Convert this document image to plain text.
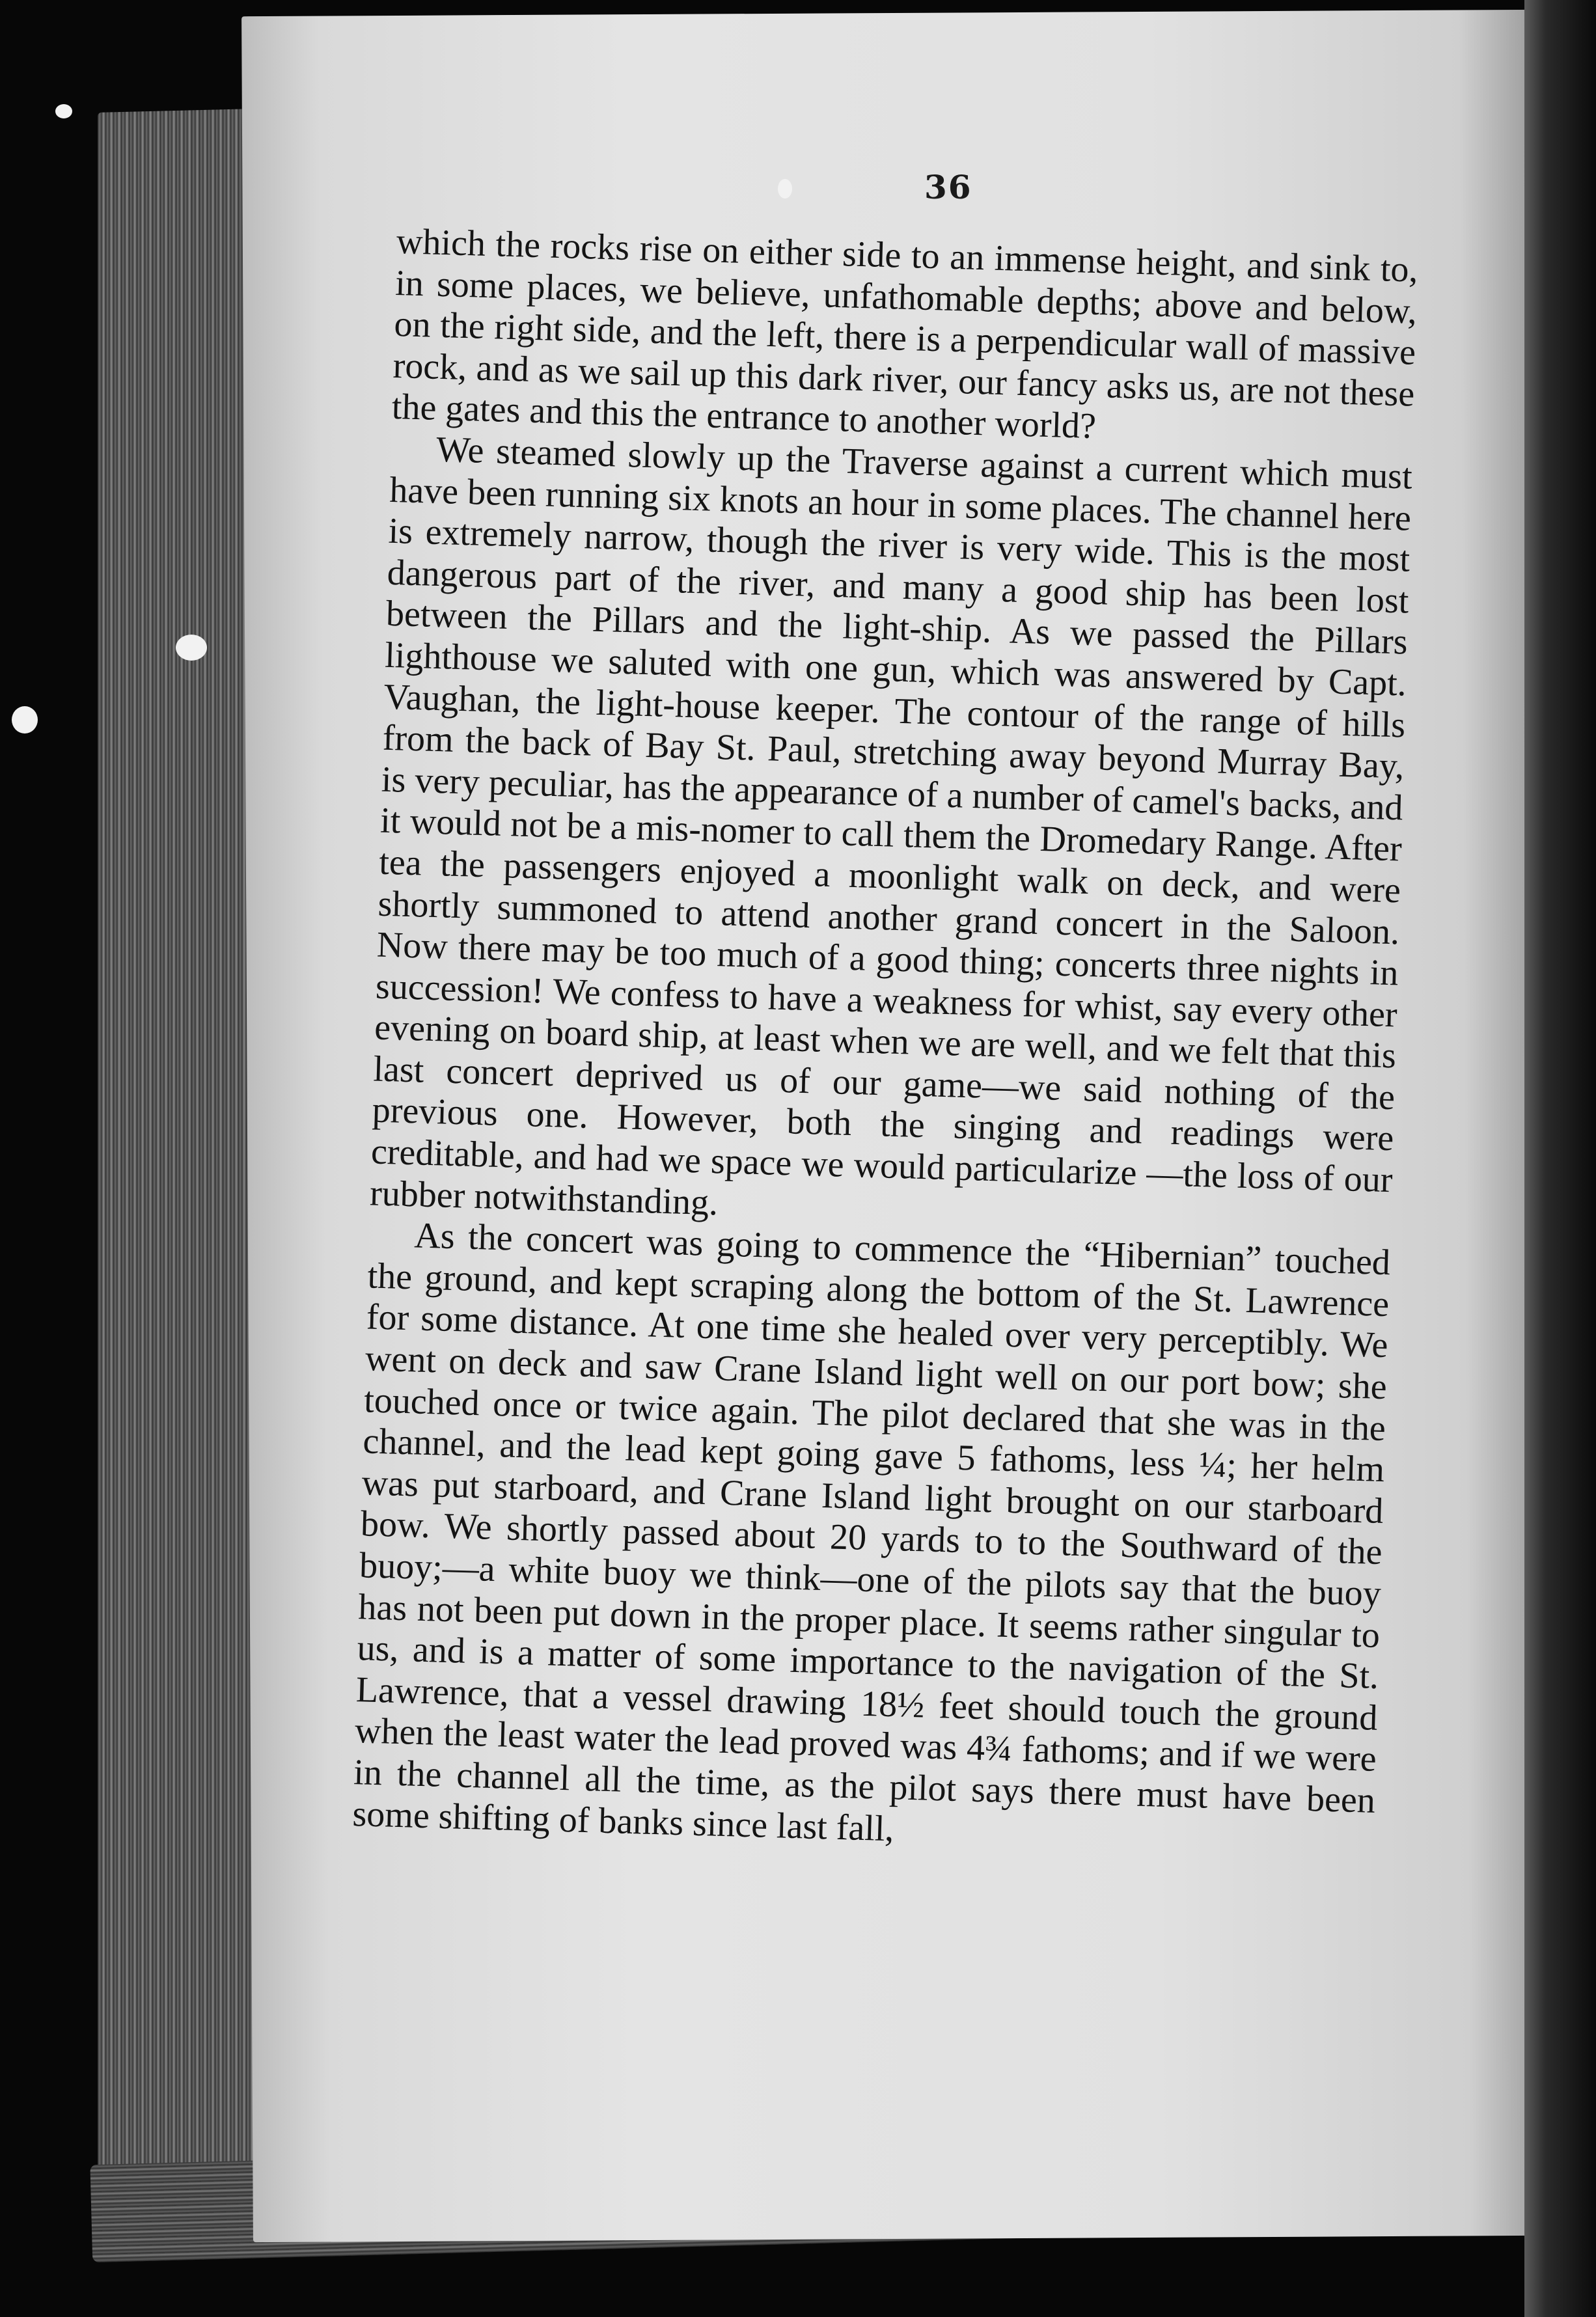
36

which the rocks rise on either side to an immense height, and sink to, in some places, we believe, unfathomable depths; above and below, on the right side, and the left, there is a perpendicular wall of massive rock, and as we sail up this dark river, our fancy asks us, are not these the gates and this the entrance to another world?

We steamed slowly up the Traverse against a current which must have been running six knots an hour in some places. The channel here is extremely narrow, though the river is very wide. This is the most dangerous part of the river, and many a good ship has been lost between the Pillars and the light-ship. As we passed the Pillars lighthouse we saluted with one gun, which was answered by Capt. Vaughan, the light-house keeper. The contour of the range of hills from the back of Bay St. Paul, stretching away beyond Murray Bay, is very peculiar, has the appearance of a number of camel's backs, and it would not be a mis-nomer to call them the Dromedary Range. After tea the passengers enjoyed a moonlight walk on deck, and were shortly summoned to attend another grand concert in the Saloon. Now there may be too much of a good thing; concerts three nights in succession! We confess to have a weakness for whist, say every other evening on board ship, at least when we are well, and we felt that this last concert deprived us of our game—we said nothing of the previous one. However, both the singing and readings were creditable, and had we space we would particularize —the loss of our rubber notwithstanding.

As the concert was going to commence the “Hibernian” touched the ground, and kept scraping along the bottom of the St. Lawrence for some distance. At one time she healed over very perceptibly. We went on deck and saw Crane Island light well on our port bow; she touched once or twice again. The pilot declared that she was in the channel, and the lead kept going gave 5 fathoms, less ¼; her helm was put starboard, and Crane Island light brought on our starboard bow. We shortly passed about 20 yards to to the Southward of the buoy;—a white buoy we think—one of the pilots say that the buoy has not been put down in the proper place. It seems rather singular to us, and is a matter of some importance to the navigation of the St. Lawrence, that a vessel drawing 18½ feet should touch the ground when the least water the lead proved was 4¾ fathoms; and if we were in the channel all the time, as the pilot says there must have been some shifting of banks since last fall,
